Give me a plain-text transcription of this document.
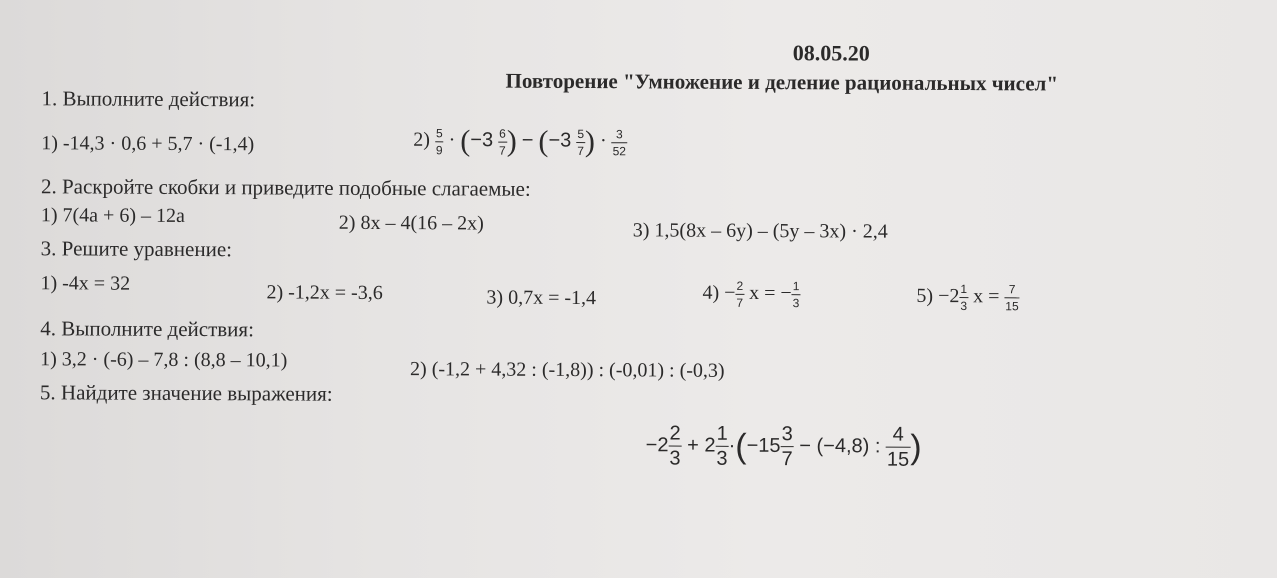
08.05.20
Повторение "Умножение и деление рациональных чисел"
1. Выполните действия:
1) -14,3 · 0,6 + 5,7 · (-1,4)	$2) \frac{5}{9} \cdot (-3 \frac{6}{7}$ ) − ($-3 \frac{5}{7}$ ) · $\frac{3}{52}$
2. Раскройте скобки и приведите подобные слагаемые:
1) 7(4a + 6) – 12a	2) 8x – 4(16 – 2x)	3) 1,5(8x – 6y) – (5y – 3x) · 2,4
3. Решите уравнение:
1) -4x = 32	2) -1,2x = -3,6	3) 0,7x = -1,4	$4) - \frac{2}{7}$ x = − $\frac{1}{3}$	$5) -2 \frac{1}{3}$ $x = \frac{7}{15}$
4. Выполните действия:
1) 3,2 · (-6) – 7,8 : (8,8 – 10,1)	2) (-1,2 + 4,32 : (-1,8)) : (-0,01) : (-0,3)
5. Найдите значение выражения:
$-2 \frac{2}{3} + 2 \frac{1}{3} \cdot(-15 \frac{3}{7} - (-4,8)$ : $\frac{4}{15}$ )
